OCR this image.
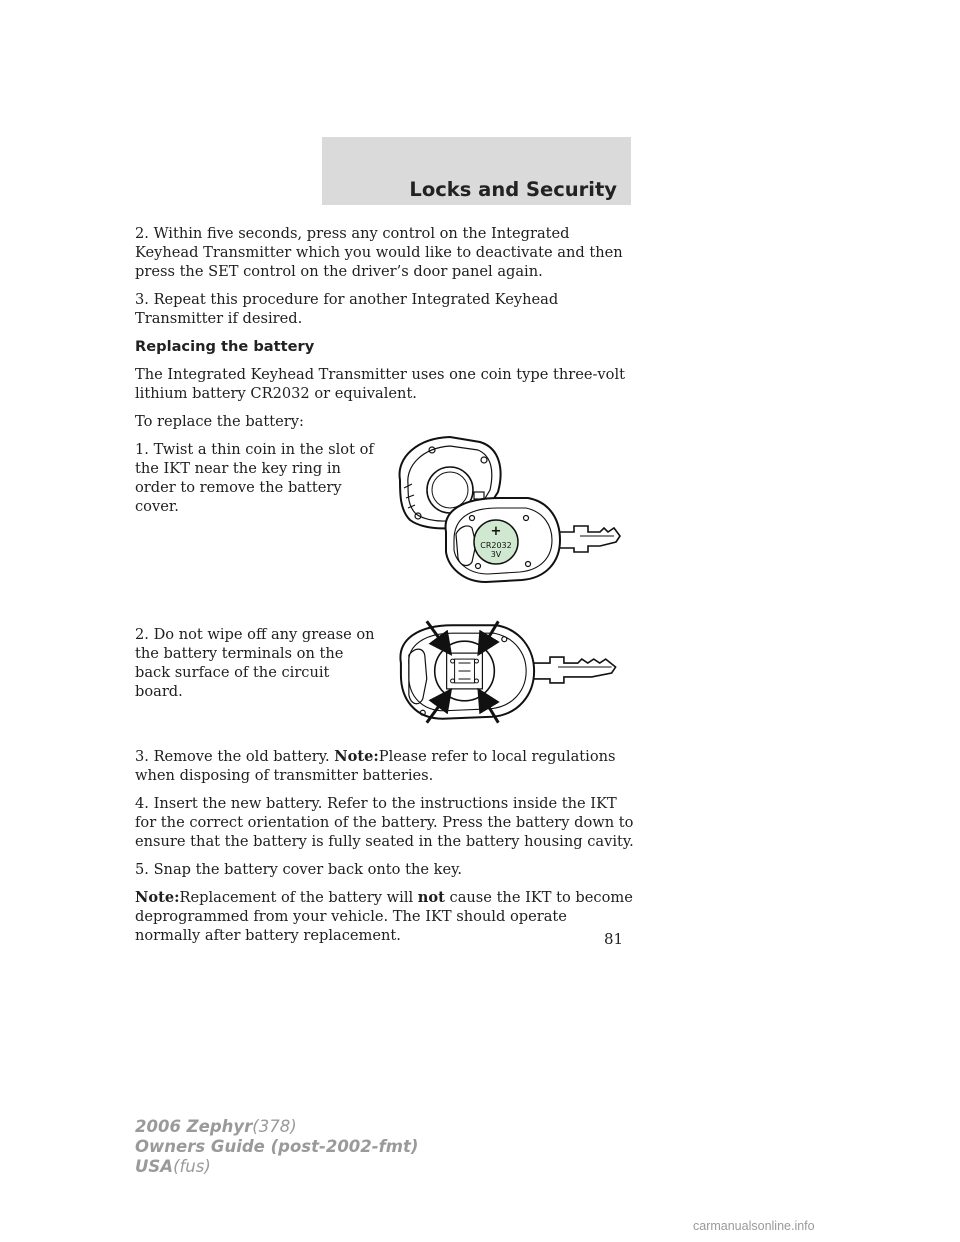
Locks and Security

2. Within five seconds, press any control on the Integrated Keyhead Transmitter which you would like to deactivate and then press the SET control on the driver’s door panel again.

3. Repeat this procedure for another Integrated Keyhead Transmitter if desired.

Replacing the battery

The Integrated Keyhead Transmitter uses one coin type three-volt lithium battery CR2032 or equivalent.

To replace the battery:

1. Twist a thin coin in the slot of the IKT near the key ring in order to remove the battery cover.

+
CR2032
3V

2. Do not wipe off any grease on the battery terminals on the back surface of the circuit board.

3. Remove the old battery. Note:Please refer to local regulations when disposing of transmitter batteries.

4. Insert the new battery. Refer to the instructions inside the IKT for the correct orientation of the battery. Press the battery down to ensure that the battery is fully seated in the battery housing cavity.

5. Snap the battery cover back onto the key.

Note:Replacement of the battery will not cause the IKT to become deprogrammed from your vehicle. The IKT should operate normally after battery replacement.	81

2006 Zephyr(378)
Owners Guide (post-2002-fmt)
USA(fus)
carmanualsonline.info
